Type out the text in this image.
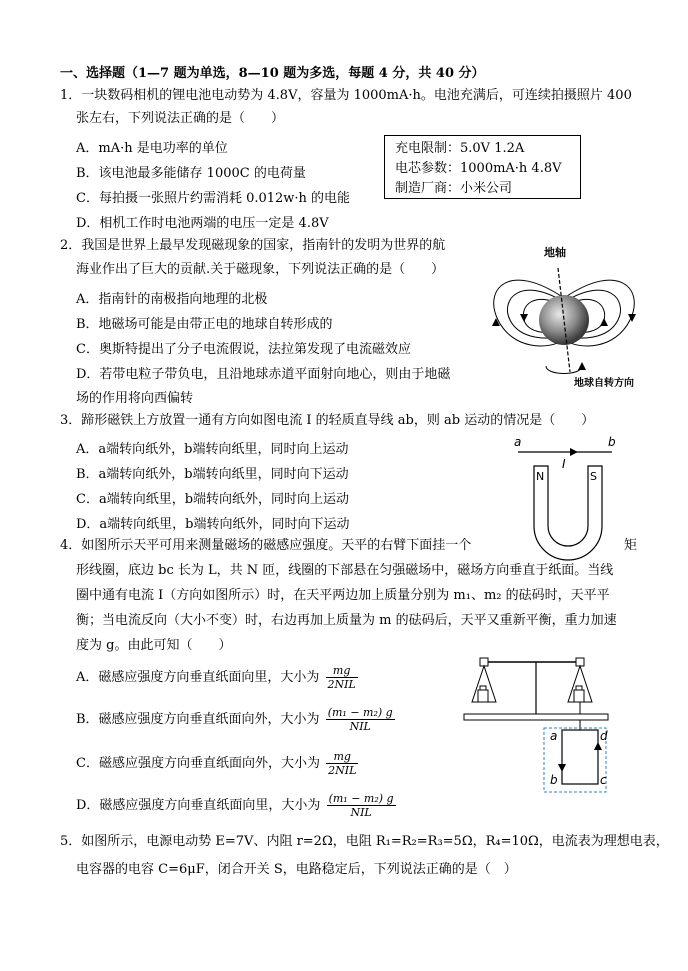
一、选择题（1—7 题为单选，8—10 题为多选，每题 4 分，共 40 分）
1．一块数码相机的锂电池电动势为 4.8V，容量为 1000mA·h。电池充满后，可连续拍摄照片 400
张左右，下列说法正确的是（　　）
A．mA·h 是电功率的单位
B．该电池最多能储存 1000C 的电荷量
C．每拍摄一张照片约需消耗 0.012w·h 的电能
D．相机工作时电池两端的电压一定是 4.8V
充电限制：5.0V 1.2A
电芯参数：1000mA·h 4.8V
制造厂商：小米公司
2．我国是世界上最早发现磁现象的国家，指南针的发明为世界的航
海业作出了巨大的贡献.关于磁现象，下列说法正确的是（　　）
A．指南针的南极指向地理的北极
B．地磁场可能是由带正电的地球自转形成的
C．奥斯特提出了分子电流假说，法拉第发现了电流磁效应
D．若带电粒子带负电，且沿地球赤道平面射向地心，则由于地磁
场的作用将向西偏转
地轴
地球自转方向
3．蹄形磁铁上方放置一通有方向如图电流 I 的轻质直导线 ab，则 ab 运动的情况是（　　）
A．a端转向纸外，b端转向纸里，同时向上运动
B．a端转向纸外，b端转向纸里，同时向下运动
C．a端转向纸里，b端转向纸外，同时向上运动
D．a端转向纸里，b端转向纸外，同时向下运动
a	b
I
N	S
4．如图所示天平可用来测量磁场的磁感应强度。天平的右臂下面挂一个	矩
形线圈，底边 bc 长为 L，共 N 匝，线圈的下部悬在匀强磁场中，磁场方向垂直于纸面。当线
圈中通有电流 I（方向如图所示）时，在天平两边加上质量分别为 m₁、m₂ 的砝码时，天平平
衡；当电流反向（大小不变）时，右边再加上质量为 m 的砝码后，天平又重新平衡，重力加速
度为 g。由此可知（　　）
A．磁感应强度方向垂直纸面向里，大小为 $\frac{mg}{\text{2NIL}}$
B．磁感应强度方向垂直纸面向外，大小为 $\frac{\text{(m₁ − m₂) g}}{\text{NIL}}$
C．磁感应强度方向垂直纸面向外，大小为 $\frac{mg}{\text{2NIL}}$
D．磁感应强度方向垂直纸面向里，大小为 $\frac{\text{(m₁ − m₂) g}}{\text{NIL}}$
a	d
b	c
5．如图所示，电源电动势 E=7V、内阻 r=2Ω，电阻 R₁=R₂=R₃=5Ω，R₄=10Ω，电流表为理想电表，
电容器的电容 C=6μF，闭合开关 S，电路稳定后，下列说法正确的是（　）
